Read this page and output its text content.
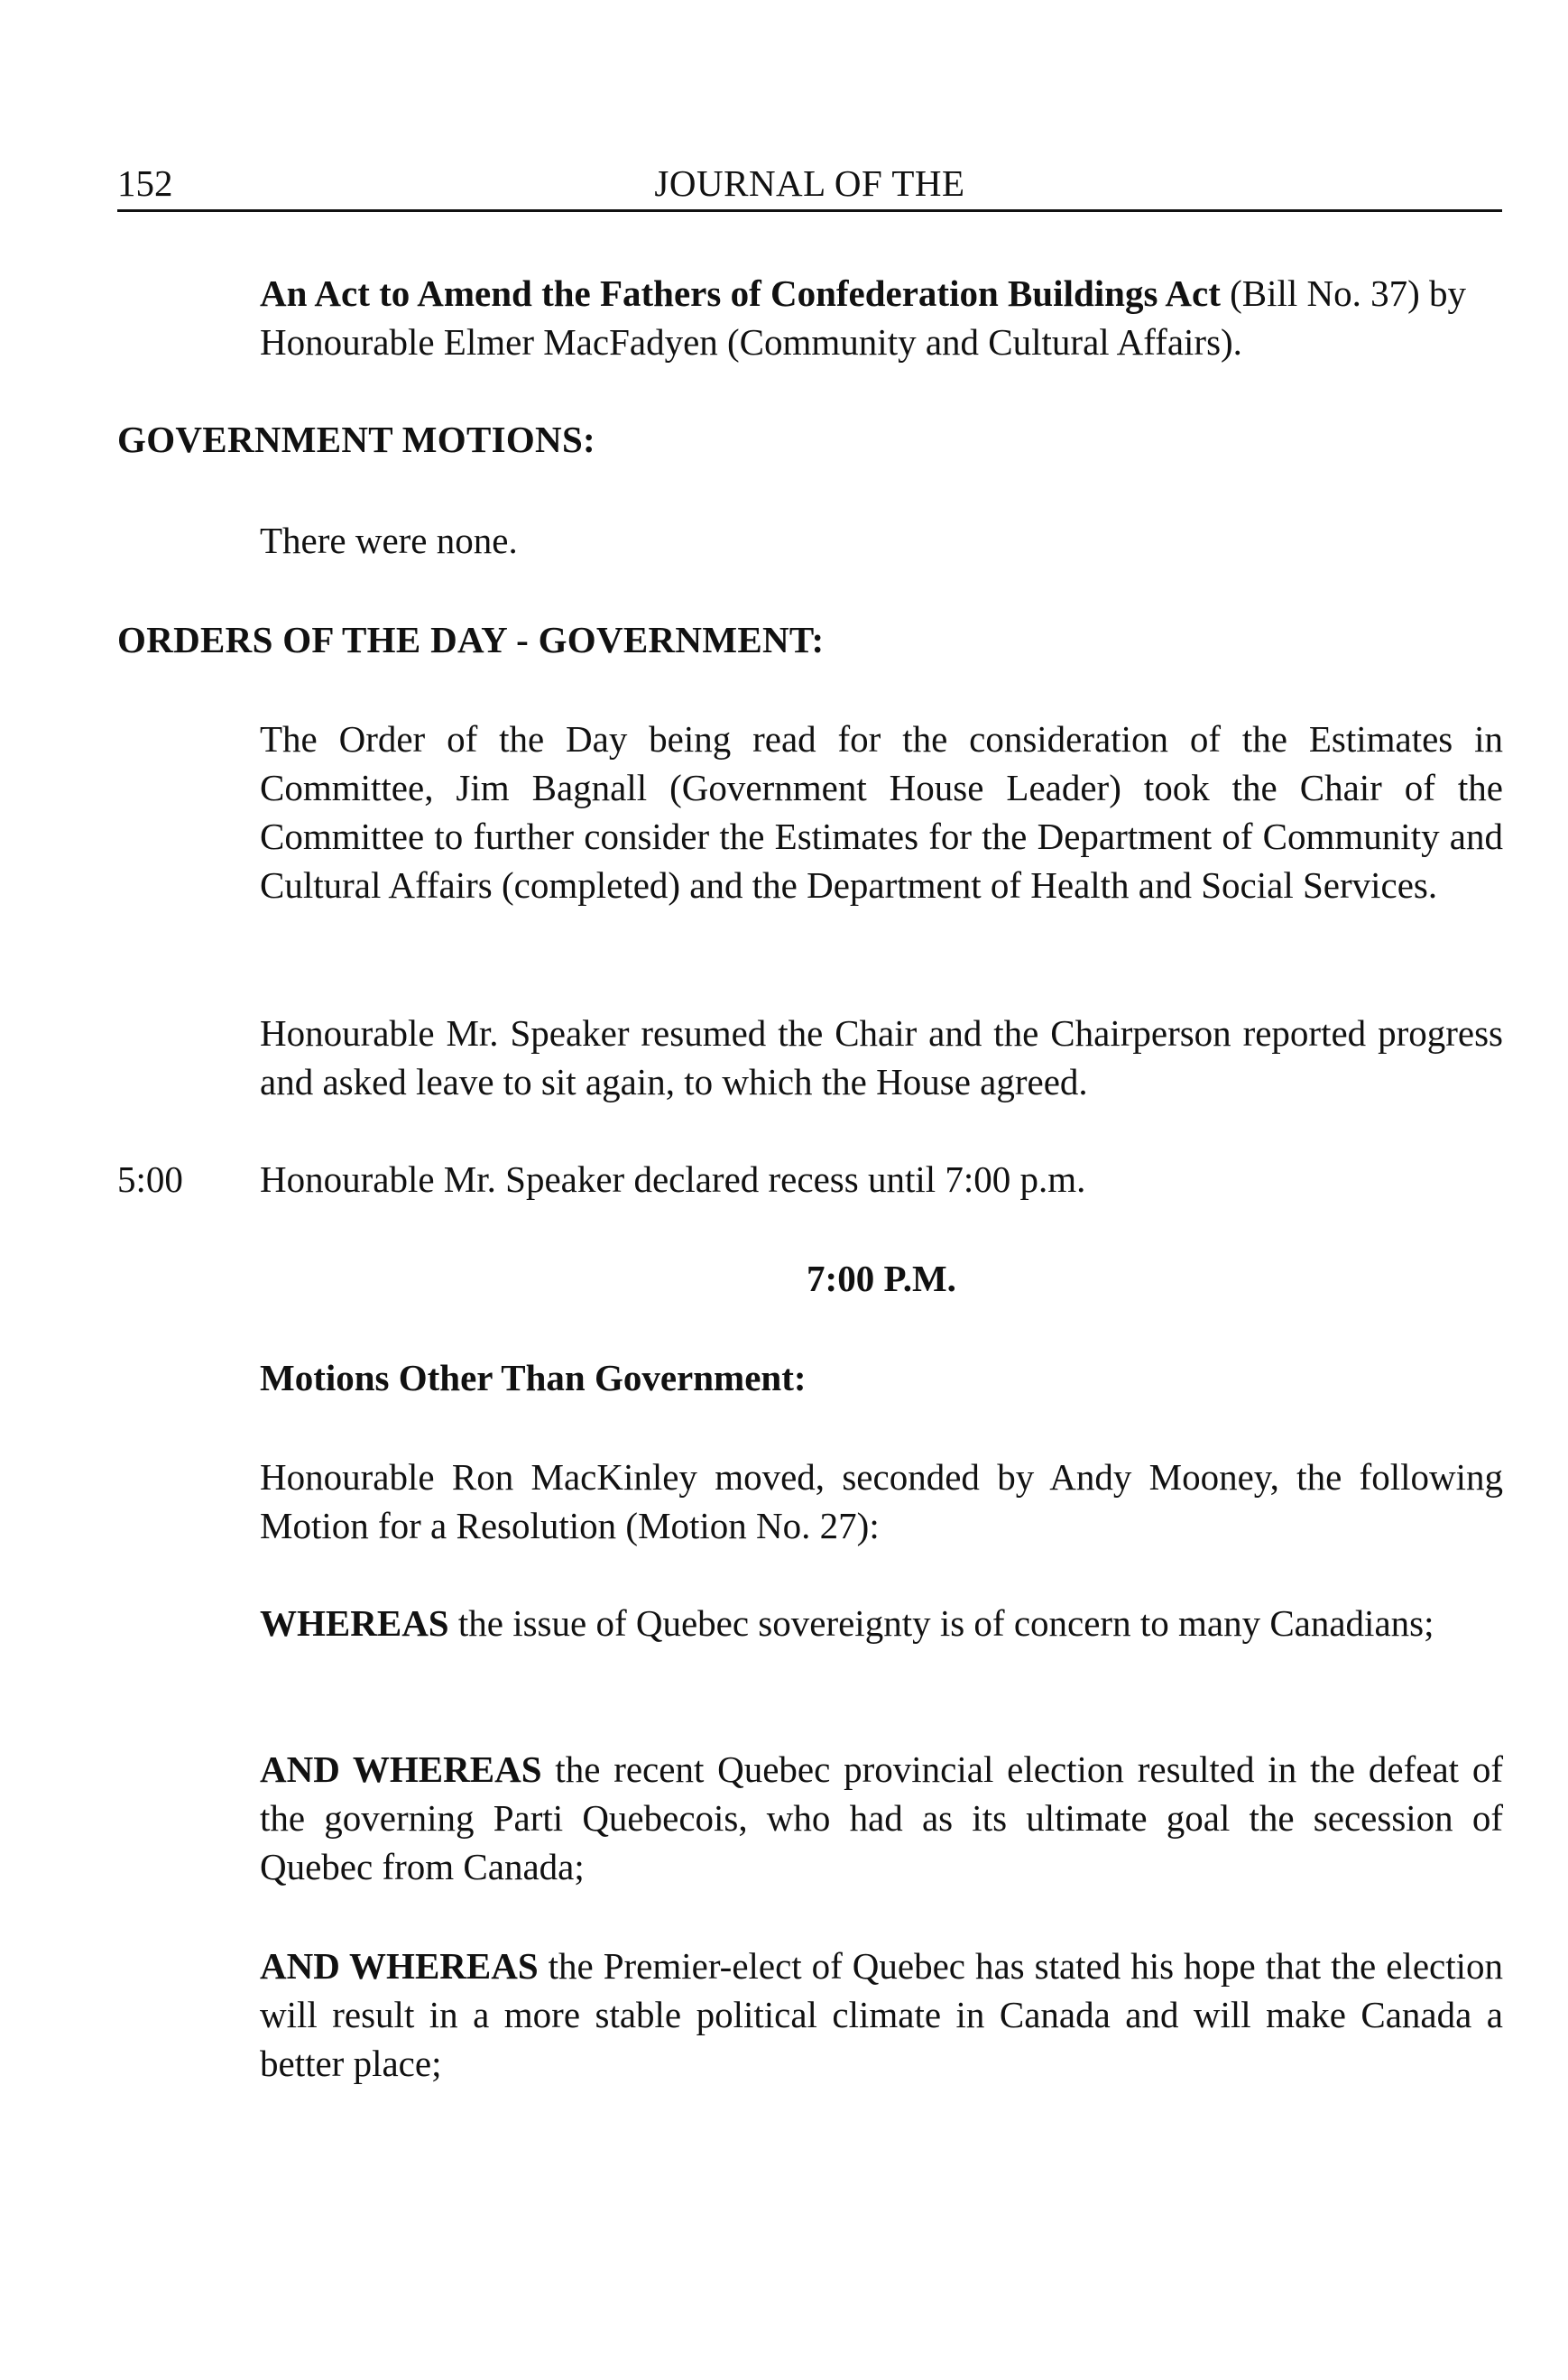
152	JOURNAL OF THE
An Act to Amend the Fathers of Confederation Buildings Act (Bill No. 37) by Honourable Elmer MacFadyen (Community and Cultural Affairs).
GOVERNMENT MOTIONS:
There were none.
ORDERS OF THE DAY - GOVERNMENT:
The Order of the Day being read for the consideration of the Estimates in Committee, Jim Bagnall (Government House Leader) took the Chair of the Committee to further consider the Estimates for the Department of Community and Cultural Affairs (completed) and the Department of Health and Social Services.
Honourable Mr. Speaker resumed the Chair and the Chairperson reported progress and asked leave to sit again, to which the House agreed.
5:00 Honourable Mr. Speaker declared recess until 7:00 p.m.
7:00 P.M.
Motions Other Than Government:
Honourable Ron MacKinley moved, seconded by Andy Mooney, the following Motion for a Resolution (Motion No. 27):
WHEREAS the issue of Quebec sovereignty is of concern to many Canadians;
AND WHEREAS the recent Quebec provincial election resulted in the defeat of the governing Parti Quebecois, who had as its ultimate goal the secession of Quebec from Canada;
AND WHEREAS the Premier-elect of Quebec has stated his hope that the election will result in a more stable political climate in Canada and will make Canada a better place;
